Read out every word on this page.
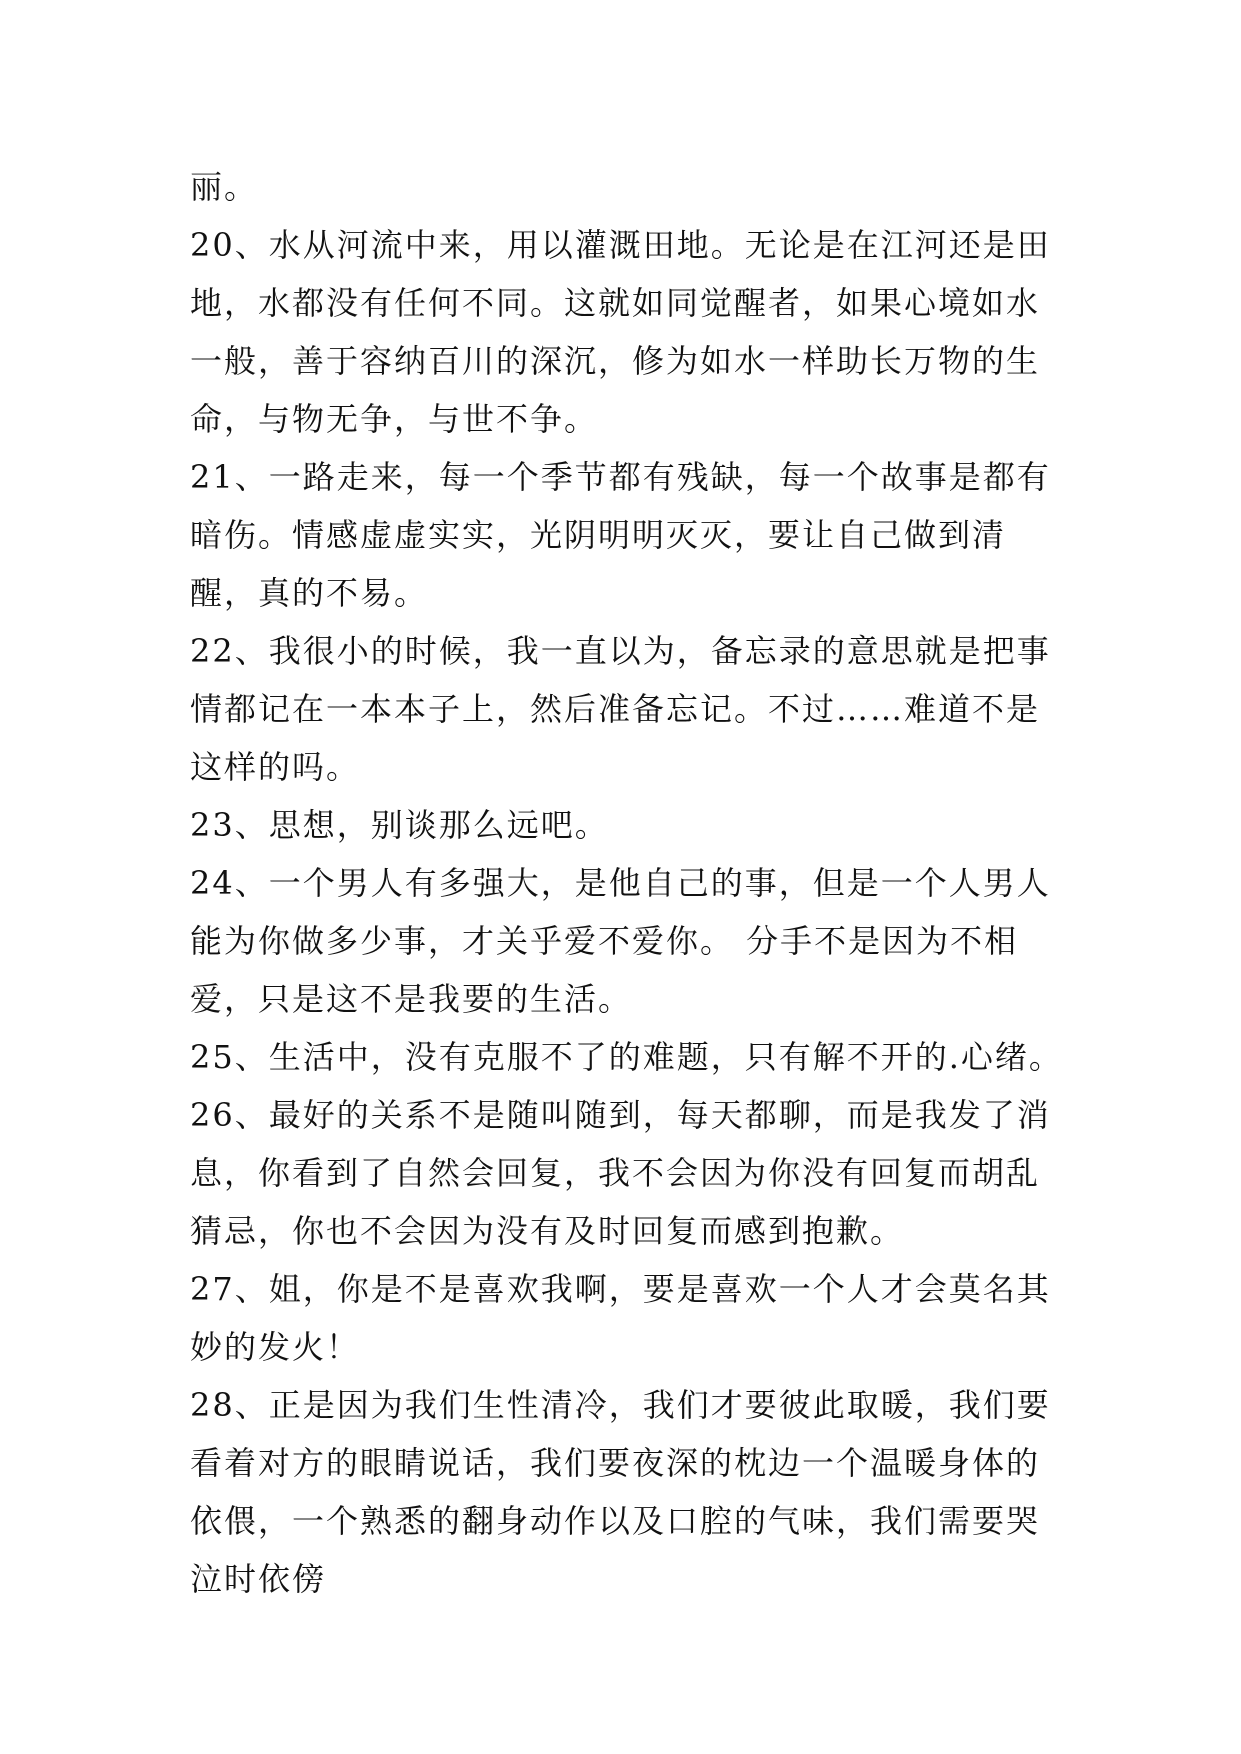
丽。

20、水从河流中来，用以灌溉田地。无论是在江河还是田地，水都没有任何不同。这就如同觉醒者，如果心境如水一般，善于容纳百川的深沉，修为如水一样助长万物的生命，与物无争，与世不争。

21、一路走来，每一个季节都有残缺，每一个故事是都有暗伤。情感虚虚实实，光阴明明灭灭，要让自己做到清醒，真的不易。

22、我很小的时候，我一直以为，备忘录的意思就是把事情都记在一本本子上，然后准备忘记。不过……难道不是这样的吗。

23、思想，别谈那么远吧。

24、一个男人有多强大，是他自己的事，但是一个人男人能为你做多少事，才关乎爱不爱你。 分手不是因为不相爱，只是这不是我要的生活。

25、生活中，没有克服不了的难题，只有解不开的.心绪。

26、最好的关系不是随叫随到，每天都聊，而是我发了消息，你看到了自然会回复，我不会因为你没有回复而胡乱猜忌，你也不会因为没有及时回复而感到抱歉。

27、姐，你是不是喜欢我啊，要是喜欢一个人才会莫名其妙的发火！

28、正是因为我们生性清冷，我们才要彼此取暖，我们要看着对方的眼睛说话，我们要夜深的枕边一个温暖身体的依偎，一个熟悉的翻身动作以及口腔的气味，我们需要哭泣时依傍
